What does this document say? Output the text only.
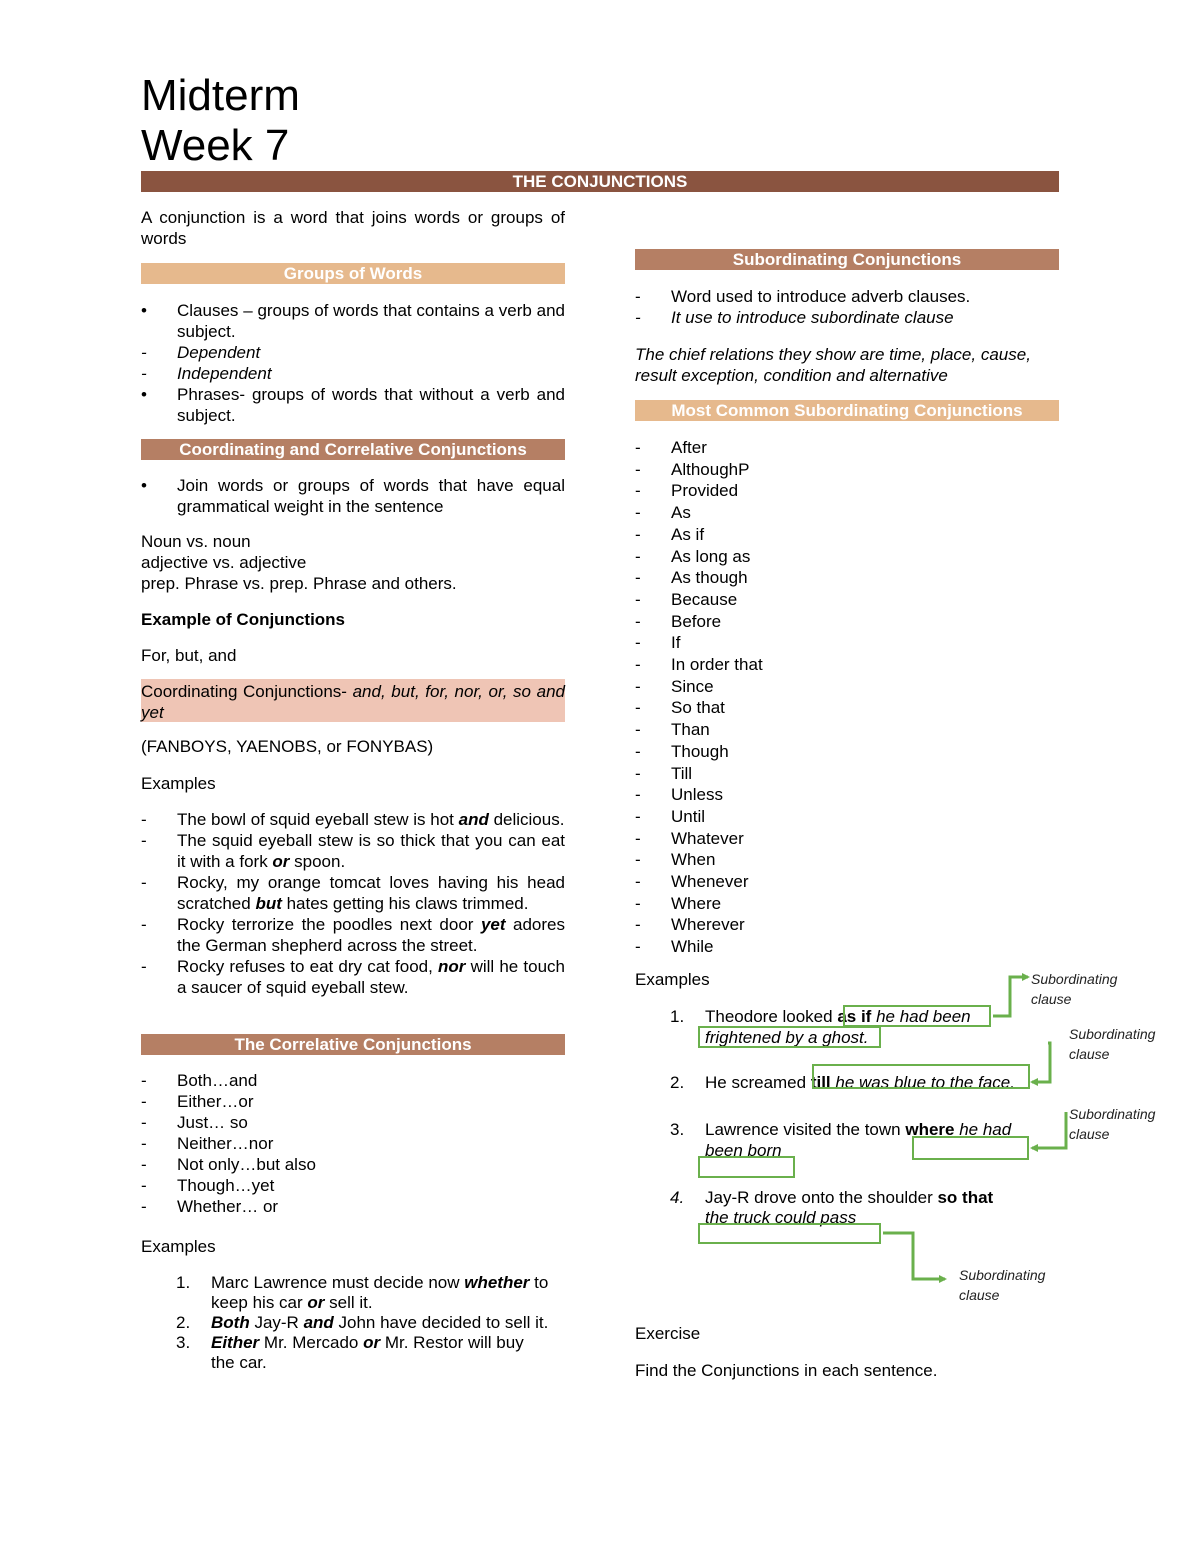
Midterm
Week 7
THE CONJUNCTIONS
A conjunction is a word that joins words or groups of words
Groups of Words
• Clauses – groups of words that contains a verb and subject.
- Dependent
- Independent
• Phrases- groups of words that without a verb and subject.
Coordinating and Correlative Conjunctions
• Join words or groups of words that have equal grammatical weight in the sentence
Noun vs. noun
adjective vs. adjective
prep. Phrase vs. prep. Phrase and others.
Example of Conjunctions
For, but, and
Coordinating Conjunctions- and, but, for, nor, or, so and yet
(FANBOYS, YAENOBS, or FONYBAS)
Examples
- The bowl of squid eyeball stew is hot and delicious.
- The squid eyeball stew is so thick that you can eat it with a fork or spoon.
- Rocky, my orange tomcat loves having his head scratched but hates getting his claws trimmed.
- Rocky terrorize the poodles next door yet adores the German shepherd across the street.
- Rocky refuses to eat dry cat food, nor will he touch a saucer of squid eyeball stew.
The Correlative Conjunctions
- Both…and
- Either…or
- Just… so
- Neither…nor
- Not only…but also
- Though…yet
- Whether… or
Examples
1. Marc Lawrence must decide now whether to keep his car or sell it.
2. Both Jay-R and John have decided to sell it.
3. Either Mr. Mercado or Mr. Restor will buy the car.
Subordinating Conjunctions
- Word used to introduce adverb clauses.
- It use to introduce subordinate clause
The chief relations they show are time, place, cause, result exception, condition and alternative
Most Common Subordinating Conjunctions
- After
- AlthoughP
- Provided
- As
- As if
- As long as
- As though
- Because
- Before
- If
- In order that
- Since
- So that
- Than
- Though
- Till
- Unless
- Until
- Whatever
- When
- Whenever
- Where
- Wherever
- While
Examples
1. Theodore looked as if he had been
frightened by a ghost.
2. He screamed till he was blue to the face.
3. Lawrence visited the town where he had
been born
4. Jay-R drove onto the shoulder so that
the truck could pass
Subordinating clause
Subordinating clause
Subordinating clause
Subordinating clause
Exercise
Find the Conjunctions in each sentence.
